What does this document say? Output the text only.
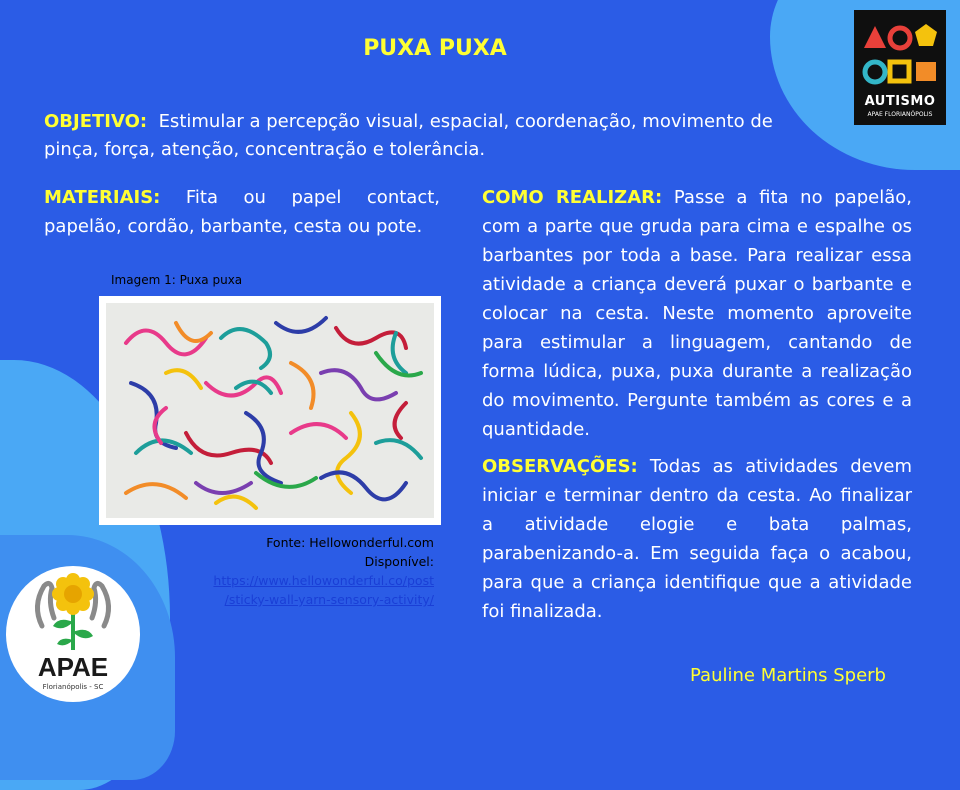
PUXA PUXA
OBJETIVO: Estimular a percepção visual, espacial, coordenação, movimento de pinça, força, atenção, concentração e tolerância.
MATERIAIS: Fita ou papel contact, papelão, cordão, barbante, cesta ou pote.
COMO REALIZAR: Passe a fita no papelão, com a parte que gruda para cima e espalhe os barbantes por toda a base. Para realizar essa atividade a criança deverá puxar o barbante e colocar na cesta. Neste momento aproveite para estimular a linguagem, cantando de forma lúdica, puxa, puxa durante a realização do movimento. Pergunte também as cores e a quantidade.
OBSERVAÇÕES: Todas as atividades devem iniciar e terminar dentro da cesta. Ao finalizar a atividade elogie e bata palmas, parabenizando-a. Em seguida faça o acabou, para que a criança identifique que a atividade foi finalizada.
Imagem 1: Puxa puxa
Fonte: Hellowonderful.com
Disponível:
https://www.hellowonderful.co/post
/sticky-wall-yarn-sensory-activity/
Pauline Martins Sperb
AUTISMO
APAE FLORIANÓPOLIS
APAE
Florianópolis - SC
